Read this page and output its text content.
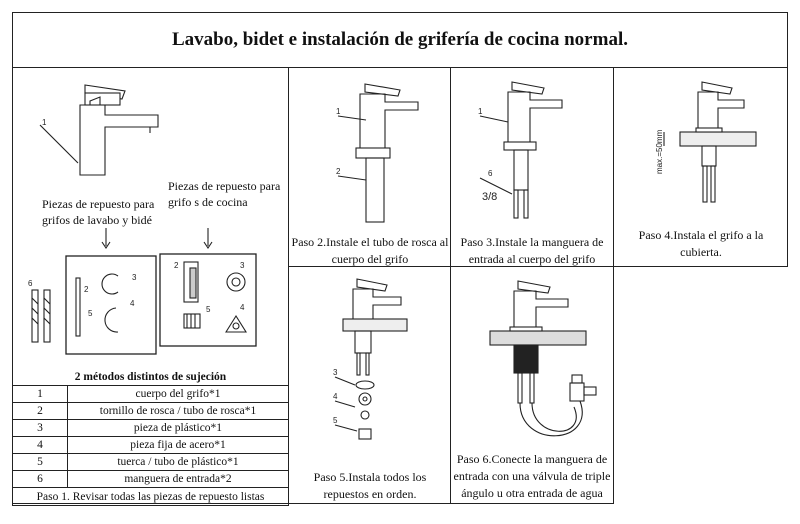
Lavabo, bidet e instalación de grifería de cocina normal.
1
Piezas de repuesto para grifos de lavabo y bidé
Piezas de repuesto para grifo s de cocina
6
2
3
4
5
2	3
5	4
2 métodos distintos de sujeción	
1	cuerpo del grifo*1
2	tornillo de rosca / tubo de rosca*1
3	pieza de plástico*1
4	pieza fija de acero*1
5	tuerca / tubo de plástico*1
6	manguera de entrada*2
Paso 1. Revisar todas las piezas de repuesto listas	
1
2
Paso 2.Instale el tubo de rosca al cuerpo del grifo
1
6
3/8
Paso 3.Instale la manguera de entrada al cuerpo del grifo
max.=50mm
Paso 4.Instala el grifo a la cubierta.
3
4
5
Paso 5.Instala todos los repuestos en orden.
Paso 6.Conecte la manguera de entrada con una válvula de triple ángulo u otra entrada de agua
